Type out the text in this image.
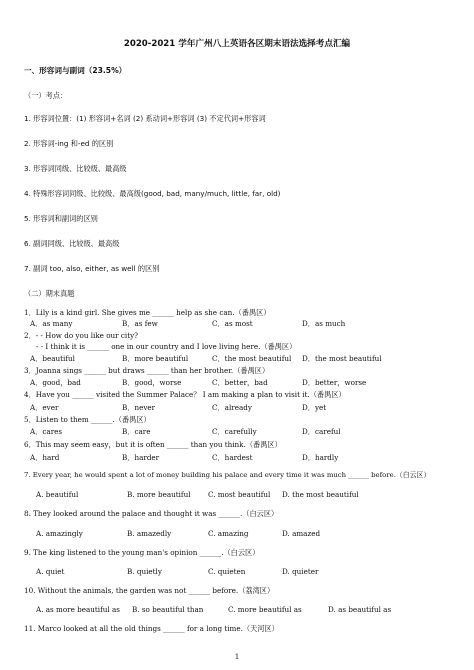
2020-2021 学年广州八上英语各区期末语法选择考点汇编
一、形容词与副词（23.5%）
（一）考点：
1. 形容词位置：(1) 形容词+名词 (2) 系动词+形容词 (3) 不定代词+形容词
2. 形容词-ing 和-ed 的区别
3. 形容词同级、比较级、最高级
4. 特殊形容词同级、比较级、最高级(good, bad, many/much, little, far, old)
5. 形容词和副词的区别
6. 副词同级、比较级、最高级
7. 副词 too, also, either, as well 的区别
（二）期末真题
1．Lily is a kind girl. She gives me ______ help as she can.（番禺区）
A．as many	B．as few	C．as most	D．as much
2．- - How do you like our city?
- - I think it is ______ one in our country and I love living here.（番禺区）
A．beautiful	B．more beautiful	C．the most beautiful D．the most beautiful
3．Joanna sings ______ but draws ______ than her brother.（番禺区）
A．good，bad	B．good，worse	C．better，bad	D．better，worse
4．Have you ______ visited the Summer Palace？ I am making a plan to visit it.（番禺区）
A．ever	B．never	C．already	D．yet
5．Listen to them ______.（番禺区）
A．cares	B．care	C．carefully	D．careful
6．This may seem easy，but it is often ______ than you think.（番禺区）
A．hard	B．harder	C．hardest	D．hardly
7. Every year, he would spent a lot of money building his palace and every time it was much ______ before.（白云区）
A. beautiful	B. more beautiful C. most beautiful D. the most beautiful
8. They looked around the palace and thought it was ______.（白云区）
A. amazingly	B. amazedly	C. amazing	D. amazed
9. The king listened to the young man's opinion ______.（白云区）
A. quiet	B. quietly	C. quieten	D. quieter
10. Without the animals, the garden was not ______ before.（荔湾区）
A. as more beautiful as B. so beautiful than	C. more beautiful as	D. as beautiful as
11. Marco looked at all the old things ______ for a long time.（天河区）
1
